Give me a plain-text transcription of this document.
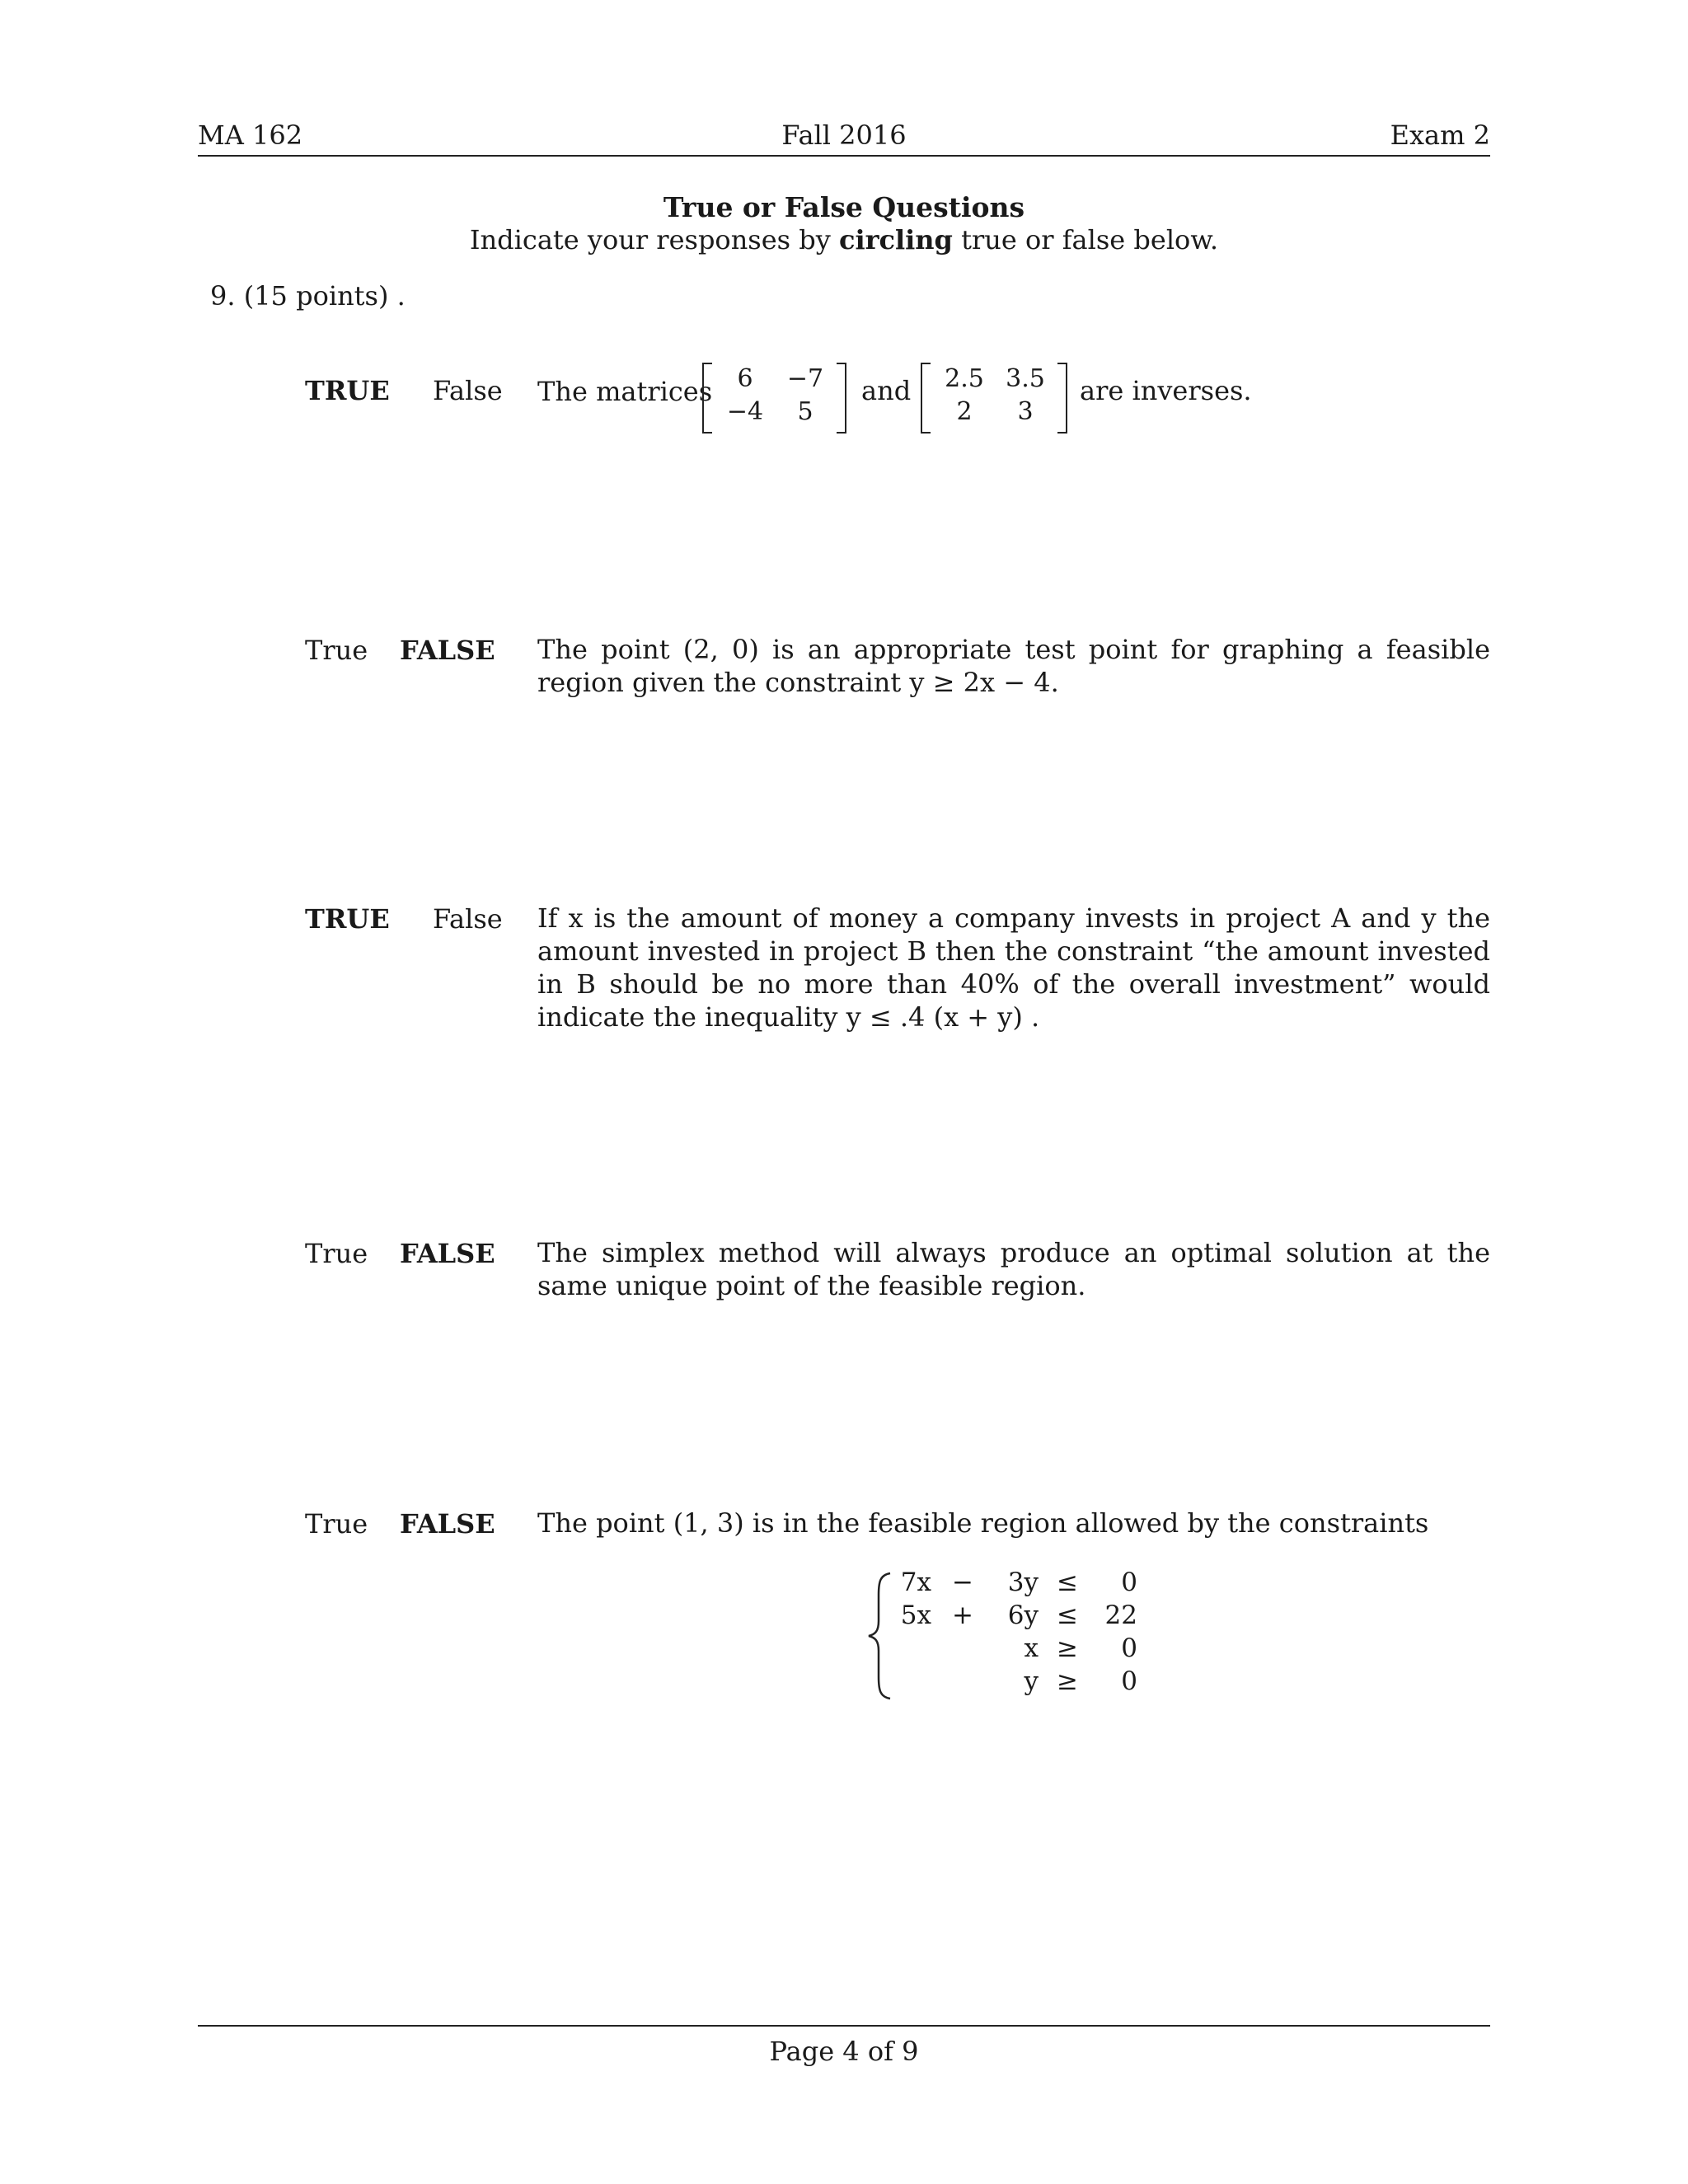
MA 162	Fall 2016	Exam 2
True or False Questions
Indicate your responses by circling true or false below.
9. (15 points) .
TRUE False The matrices	6	−7
−4	5
and	2.5 3.5
2	3
are inverses.
True FALSE The point (2, 0) is an appropriate test point for graphing a feasible region given the constraint y ≥ 2x − 4.
TRUE False If x is the amount of money a company invests in project A and y the amount invested in project B then the constraint “the amount invested in B should be no more than 40% of the overall investment” would indicate the inequality y ≤ .4 (x + y) .
True FALSE The simplex method will always produce an optimal solution at the same unique point of the feasible region.
True FALSE The point (1, 3) is in the feasible region allowed by the constraints
7x −	3y ≤	0
5x +	6y ≤	22
x ≥	0
y ≥	0
Page 4 of 9
